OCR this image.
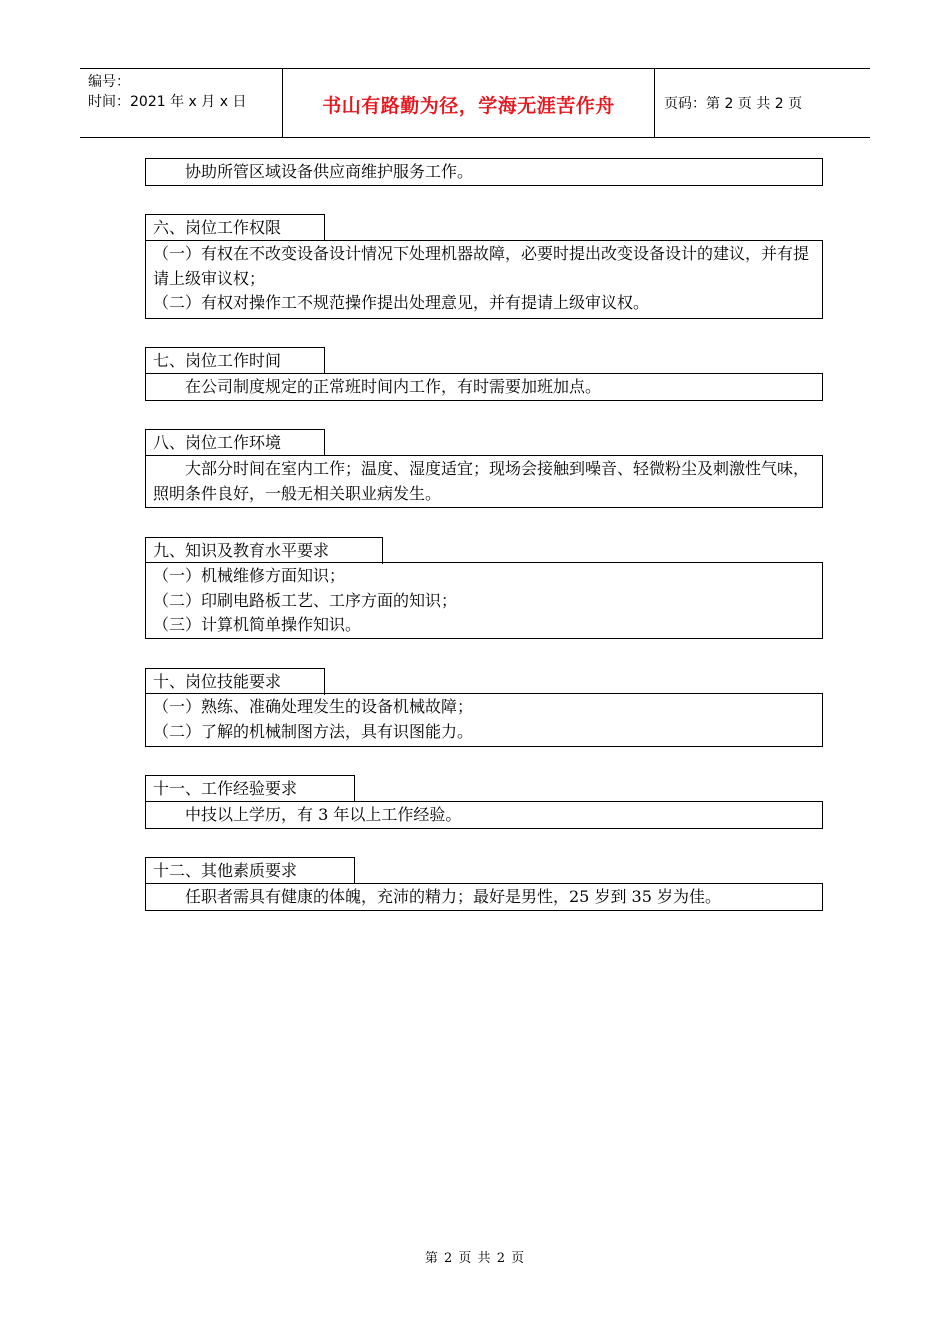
编号：
时间：2021 年 x 月 x 日	书山有路勤为径，学海无涯苦作舟	页码：第 2 页 共 2 页
协助所管区域设备供应商维护服务工作。
六、岗位工作权限
（一）有权在不改变设备设计情况下处理机器故障，必要时提出改变设备设计的建议，并有提请上级审议权；
（二）有权对操作工不规范操作提出处理意见，并有提请上级审议权。
七、岗位工作时间
在公司制度规定的正常班时间内工作，有时需要加班加点。
八、岗位工作环境
大部分时间在室内工作；温度、湿度适宜；现场会接触到噪音、轻微粉尘及刺激性气味，照明条件良好，一般无相关职业病发生。
九、知识及教育水平要求
（一）机械维修方面知识；
（二）印刷电路板工艺、工序方面的知识；
（三）计算机简单操作知识。
十、岗位技能要求
（一）熟练、准确处理发生的设备机械故障；
（二）了解的机械制图方法，具有识图能力。
十一、工作经验要求
中技以上学历，有 3 年以上工作经验。
十二、其他素质要求
任职者需具有健康的体魄，充沛的精力；最好是男性，25 岁到 35 岁为佳。
第 2 页 共 2 页
